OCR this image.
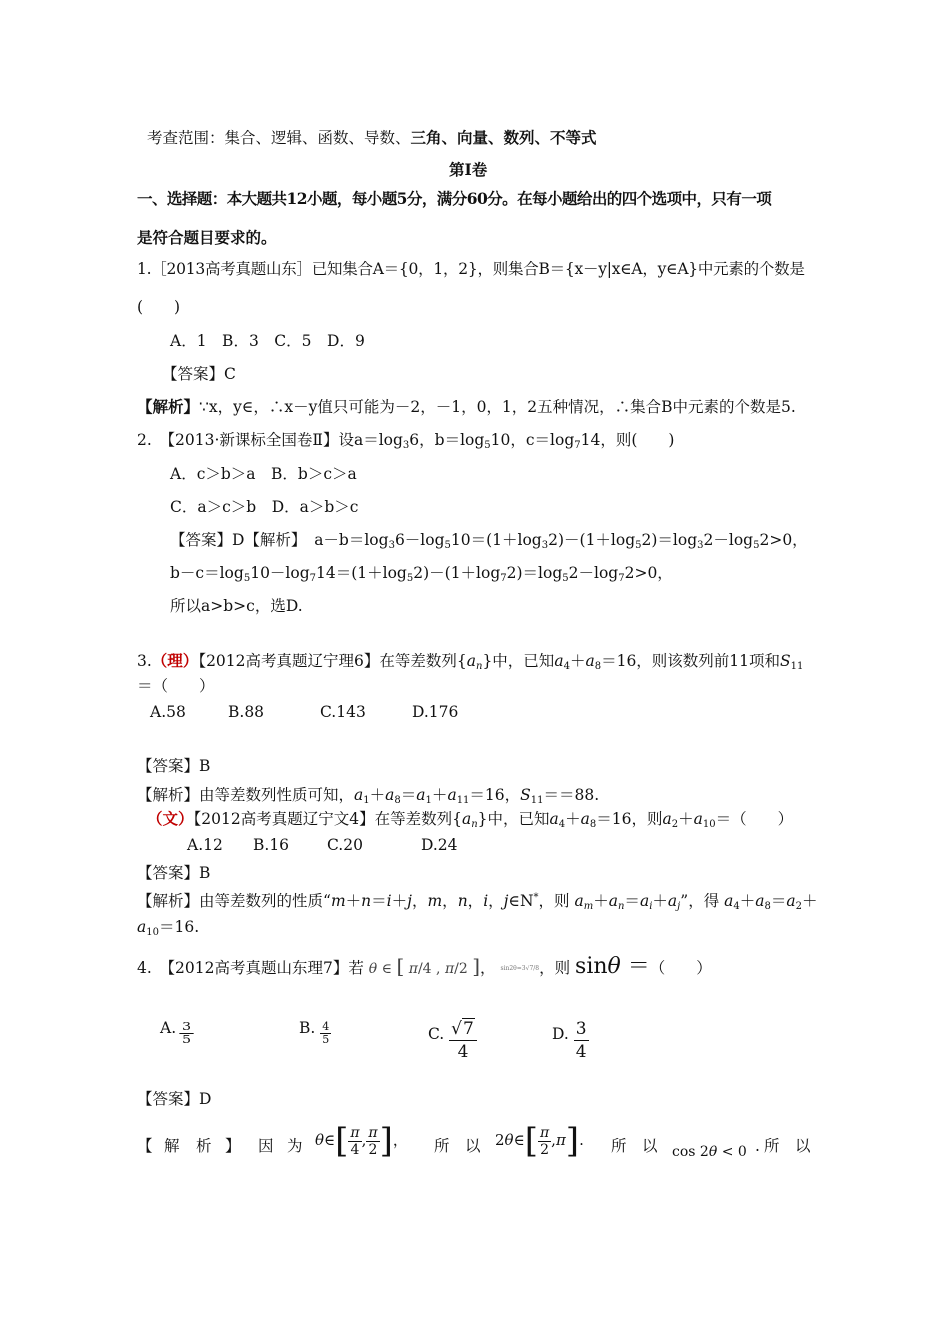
考查范围：集合、逻辑、函数、导数、三角、向量、数列、不等式
第Ⅰ卷
一、选择题：本大题共12小题，每小题5分，满分60分。在每小题给出的四个选项中，只有一项
是符合题目要求的。
1.［2013高考真题山东］已知集合A＝{0，1，2}，则集合B＝{x－y|x∈A，y∈A}中元素的个数是
(　　)
A．1　B．3　C．5　D．9
【答案】C
【解析】∵x，y∈，∴x－y值只可能为－2，－1，0，1，2五种情况，∴集合B中元素的个数是5.
2.　【2013·新课标全国卷Ⅱ】设$a=\log_36$，$b=\log_510$，$c=\log_714$，则(　　)
A．c＞b＞a　B．b＞c＞a
C．a＞c＞b　D．a＞b＞c
【答案】D【解析】　$a-b=\log_36-\log_510=(1+\log_32)-(1+\log_52)=\log_32-\log_52>0$，
$b-c=\log_510-\log_714=(1+\log_52)-(1+\log_72)=\log_52-\log_72>0$，
所以a>b>c，选D.
3.（理）【2012高考真题辽宁理6】在等差数列$\{a_n\}$中，已知$a_4+a_8=16$，则该数列前11项和$S_{11}$
＝（　　）
A.58	B.88	C.143	D.176
【答案】B
【解析】由等差数列性质可知，$a_1+a_8=a_1+a_{11}=16$，$S_{11}==88$.
（文）【2012高考真题辽宁文4】在等差数列$\{a_n\}$中，已知$a_4+a_8=16$，则$a_2+a_{10}=$（　　）
A.12 B.16 C.20	D.24
【答案】B
【解析】由等差数列的性质“m＋n＝i＋j，m，n，i，j∈N*，则 $a_m+a_n=a_i+a_j$”，得 $a_4+a_8=a_2+$
$a_{10}=16$.
4.　【2012高考真题山东理7】若 θ ∈ [ π/4 , π/2 ]， sin2θ=3√7/8，则 sinθ ＝（　　）
A. $\frac{3}{5}$	B. $\frac{4}{5}$	C. $\frac{√7}{4}$	D. $\frac{3}{4}$
【答案】D
【 解 析 】 因 为 θ∈[ $\frac{\pi}{4}$ , $\frac{\pi}{2}$ ]， 所　以 2θ∈[ $\frac{\pi}{2} ,\pi$]. 所　以 cos 2θ < 0 . 所　以
